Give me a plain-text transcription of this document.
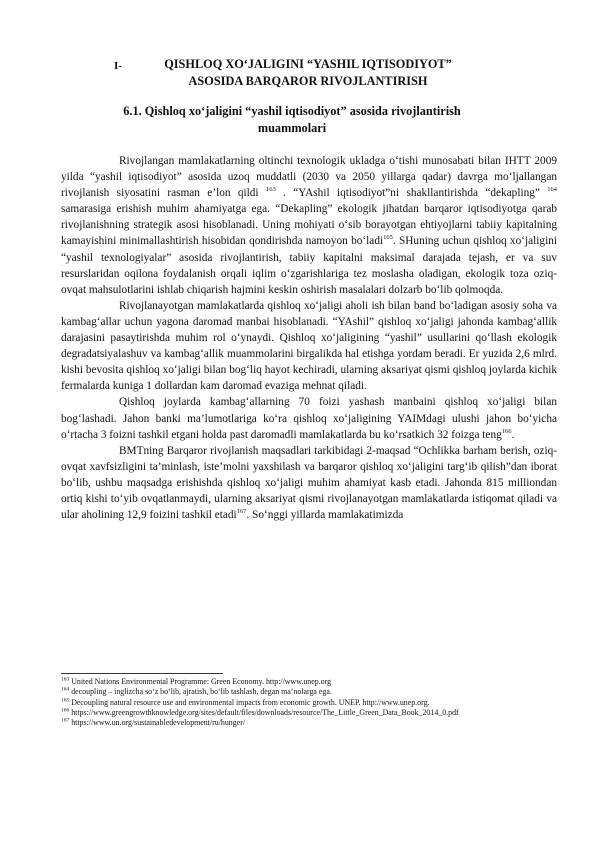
I-	QISHLOQ XO‘JALIGINI “YASHIL IQTISODIYOT”
ASOSIDA BARQAROR RIVOJLANTIRISH
6.1. Qishloq xo‘jaligini “yashil iqtisodiyot” asosida rivojlantirish
muammolari

Rivojlangan mamlakatlarning oltinchi texnologik ukladga o‘tishi munosabati bilan IHTT 2009 yilda “yashil iqtisodiyot” asosida uzoq muddatli (2030 va 2050 yillarga qadar) davrga mo‘ljallangan rivojlanish siyosatini rasman e’lon qildi $^{163}$ . “YAshil iqtisodiyot”ni shakllantirishda “dekapling” $^{164}$ samarasiga erishish muhim ahamiyatga ega. “Dekapling” ekologik jihatdan barqaror iqtisodiyotga qarab rivojlanishning strategik asosi hisoblanadi. Uning mohiyati o‘sib borayotgan ehtiyojlarni tabiiy kapitalning kamayishini minimallashtirish hisobidan qondirishda namoyon bo‘ladi$^{165}$. SHuning uchun qishloq xo‘jaligini “yashil texnologiyalar” asosida rivojlantirish, tabiiy kapitalni maksimal darajada tejash, er va suv resurslaridan oqilona foydalanish orqali iqlim o‘zgarishlariga tez moslasha oladigan, ekologik toza oziq-ovqat mahsulotlarini ishlab chiqarish hajmini keskin oshirish masalalari dolzarb bo‘lib qolmoqda.

Rivojlanayotgan mamlakatlarda qishloq xo‘jaligi aholi ish bilan band bo‘ladigan asosiy soha va kambag‘allar uchun yagona daromad manbai hisoblanadi. “YAshil” qishloq xo‘jaligi jahonda kambag‘allik darajasini pasaytirishda muhim rol o‘ynaydi. Qishloq xo‘jaligining “yashil” usullarini qo‘llash ekologik degradatsiyalashuv va kambag‘allik muammolarini birgalikda hal etishga yordam beradi. Er yuzida 2,6 mlrd. kishi bevosita qishloq xo‘jaligi bilan bog‘liq hayot kechiradi, ularning aksariyat qismi qishloq joylarda kichik fermalarda kuniga 1 dollardan kam daromad evaziga mehnat qiladi.

Qishloq joylarda kambag‘allarning 70 foizi yashash manbaini qishloq xo‘jaligi bilan bog‘lashadi. Jahon banki ma’lumotlariga ko‘ra qishloq xo‘jaligining YAIMdagi ulushi jahon bo‘yicha o‘rtacha 3 foizni tashkil etgani holda past daromadli mamlakatlarda bu ko‘rsatkich 32 foizga teng$^{166}$.

BMTning Barqaror rivojlanish maqsadlari tarkibidagi 2-maqsad “Ochlikka barham berish, oziq-ovqat xavfsizligini ta’minlash, iste’molni yaxshilash va barqaror qishloq xo‘jaligini targ‘ib qilish”dan iborat bo‘lib, ushbu maqsadga erishishda qishloq xo‘jaligi muhim ahamiyat kasb etadi. Jahonda 815 milliondan ortiq kishi to‘yib ovqatlanmaydi, ularning aksariyat qismi rivojlanayotgan mamlakatlarda istiqomat qiladi va ular aholining 12,9 foizini tashkil etadi$^{167}$. So‘nggi yillarda mamlakatimizda

$^{163}$ United Nations Environmental Programme: Green Economy. http://www.unep.org

$^{164}$ decoupling – inglizcha so‘z bo‘lib, ajratish, bo‘lib tashlash, degan ma’nolarga ega.

$^{165}$ Decoupling natural resource use and environmental impacts from economic growth. UNEP. http://www.unep.org.

$^{166}$ https://www.greengrowthknowledge.org/sites/default/files/downloads/resource/The_Little_Green_Data_Book_2014_0.pdf

$^{167}$ https://www.un.org/sustainabledevelopment/ru/hunger/
